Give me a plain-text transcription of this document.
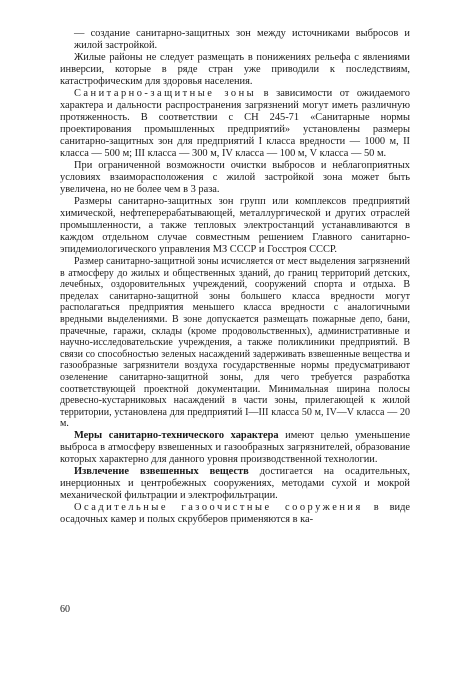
— создание санитарно-защитных зон между источниками выбросов и жилой застройкой.

Жилые районы не следует размещать в понижениях рельефа с явлениями инверсии, которые в ряде стран уже приводили к последствиям, катастрофическим для здоровья населения.

Санитарно-защитные зоны в зависимости от ожидаемого характера и дальности распространения загрязнений могут иметь различную протяженность. В соответствии с СН 245-71 «Санитарные нормы проектирования промышленных предприятий» установлены размеры санитарно-защитных зон для предприятий I класса вредности — 1000 м, II класса — 500 м; III класса — 300 м, IV класса — 100 м, V класса — 50 м.

При ограниченной возможности очистки выбросов и неблагоприятных условиях взаиморасположения с жилой застройкой зона может быть увеличена, но не более чем в 3 раза.

Размеры санитарно-защитных зон групп или комплексов предприятий химической, нефтеперерабатывающей, металлургической и других отраслей промышленности, а также тепловых электростанций устанавливаются в каждом отдельном случае совместным решением Главного санитарно-эпидемиологического управления МЗ СССР и Госстроя СССР.

Размер санитарно-защитной зоны исчисляется от мест выделения загрязнений в атмосферу до жилых и общественных зданий, до границ территорий детских, лечебных, оздоровительных учреждений, сооружений спорта и отдыха. В пределах санитарно-защитной зоны большего класса вредности могут располагаться предприятия меньшего класса вредности с аналогичными вредными выделениями. В зоне допускается размещать пожарные депо, бани, прачечные, гаражи, склады (кроме продовольственных), административные и научно-исследовательские учреждения, а также поликлиники предприятий. В связи со способностью зеленых насаждений задерживать взвешенные вещества и газообразные загрязнители воздуха государственные нормы предусматривают озеленение санитарно-защитной зоны, для чего требуется разработка соответствующей проектной документации. Минимальная ширина полосы древесно-кустарниковых насаждений в части зоны, прилегающей к жилой территории, установлена для предприятий I—III класса 50 м, IV—V класса — 20 м.

Меры санитарно-технического характера имеют целью уменьшение выброса в атмосферу взвешенных и газообразных загрязнителей, образование которых характерно для данного уровня производственной технологии.

Извлечение взвешенных веществ достигается на осадительных, инерционных и центробежных сооружениях, методами сухой и мокрой механической фильтрации и электрофильтрации.

Осадительные газоочистные сооружения в виде осадочных камер и полых скрубберов применяются в ка-

60
